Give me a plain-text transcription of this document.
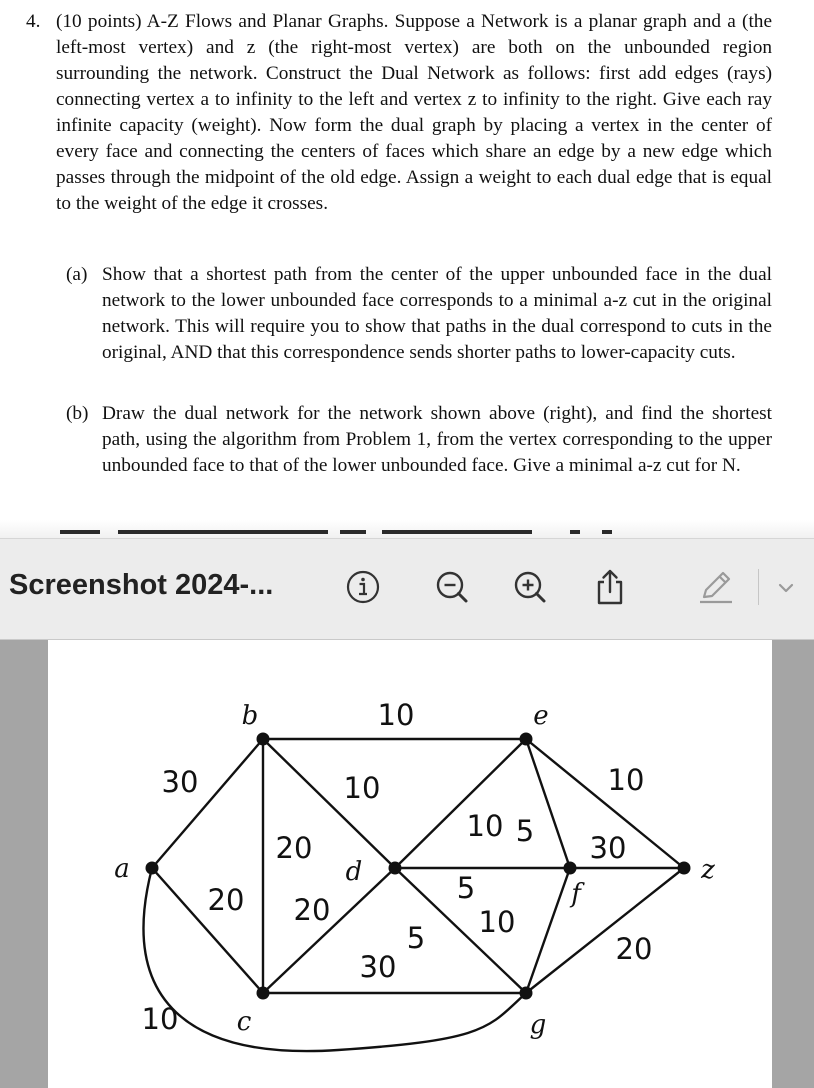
4. (10 points) A-Z Flows and Planar Graphs. Suppose a Network is a planar graph and a (the left-most vertex) and z (the right-most vertex) are both on the unbounded region surrounding the network. Construct the Dual Network as follows: first add edges (rays) connecting vertex a to infinity to the left and vertex z to infinity to the right. Give each ray infinite capacity (weight). Now form the dual graph by placing a vertex in the center of every face and connecting the centers of faces which share an edge by a new edge which passes through the midpoint of the old edge. Assign a weight to each dual edge that is equal to the weight of the edge it crosses.
(a) Show that a shortest path from the center of the upper unbounded face in the dual network to the lower unbounded face corresponds to a minimal a-z cut in the original network. This will require you to show that paths in the dual correspond to cuts in the original, AND that this correspondence sends shorter paths to lower-capacity cuts.
(b) Draw the dual network for the network shown above (right), and find the shortest path, using the algorithm from Problem 1, from the vertex corresponding to the upper unbounded face to that of the lower unbounded face. Give a minimal a-z cut for N.
Screenshot 2024-...
30
20
10
10
10
20
20
30
10 5
10
5
5
30
10
20
a
b
c
d
e
f
g
z
